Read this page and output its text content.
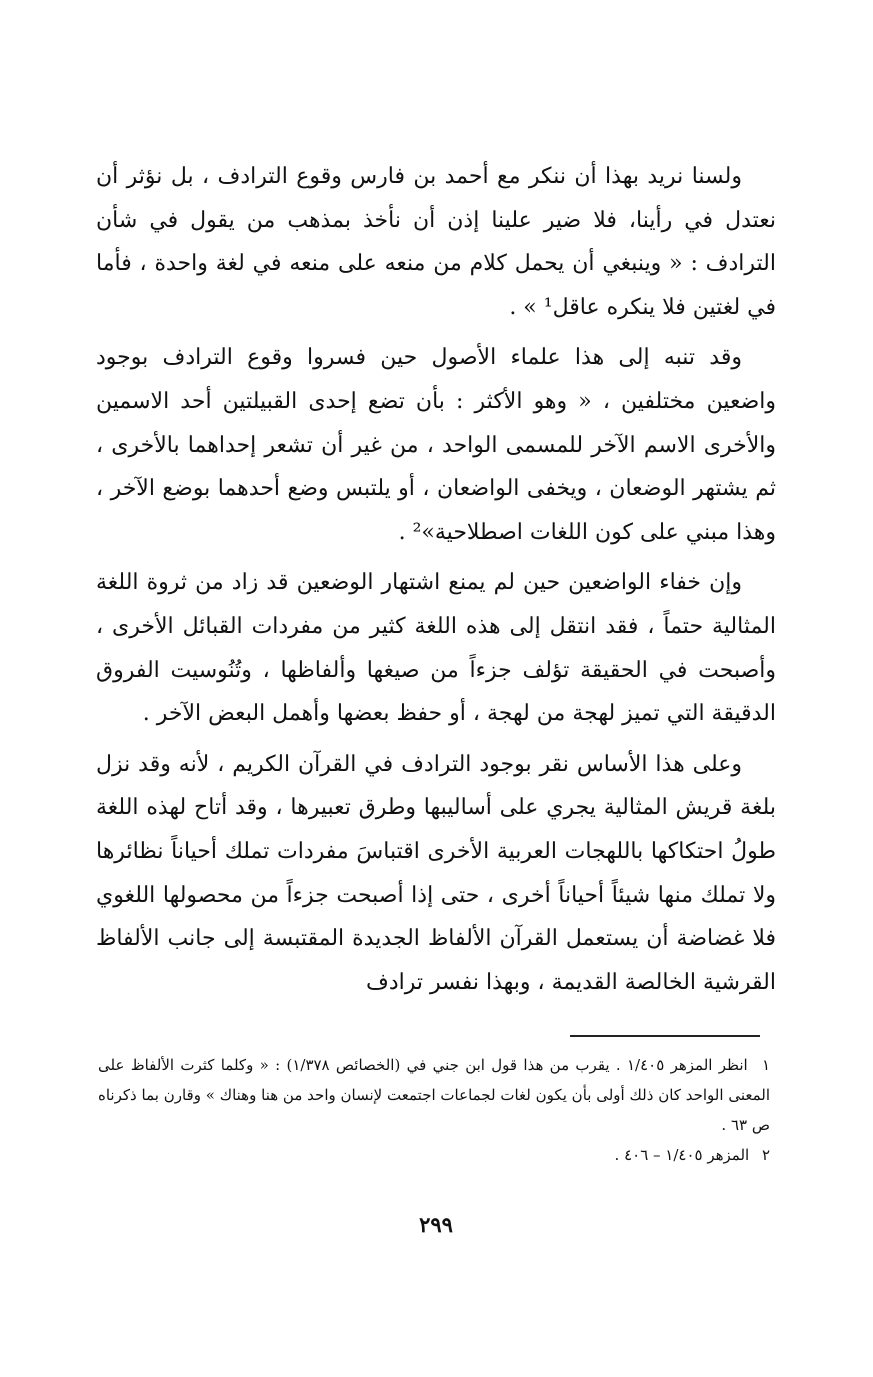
ولسنا نريد بهذا أن ننكر مع أحمد بن فارس وقوع الترادف ، بل نؤثر أن نعتدل في رأينا، فلا ضير علينا إذن أن نأخذ بمذهب من يقول في شأن الترادف : « وينبغي أن يحمل كلام من منعه على منعه في لغة واحدة ، فأما في لغتين فلا ينكره عاقل¹ » .

وقد تنبه إلى هذا علماء الأصول حين فسروا وقوع الترادف بوجود واضعين مختلفين ، « وهو الأكثر : بأن تضع إحدى القبيلتين أحد الاسمين والأخرى الاسم الآخر للمسمى الواحد ، من غير أن تشعر إحداهما بالأخرى ، ثم يشتهر الوضعان ، ويخفى الواضعان ، أو يلتبس وضع أحدهما بوضع الآخر ، وهذا مبني على كون اللغات اصطلاحية»² .

وإن خفاء الواضعين حين لم يمنع اشتهار الوضعين قد زاد من ثروة اللغة المثالية حتماً ، فقد انتقل إلى هذه اللغة كثير من مفردات القبائل الأخرى ، وأصبحت في الحقيقة تؤلف جزءاً من صيغها وألفاظها ، وتُنُوسيت الفروق الدقيقة التي تميز لهجة من لهجة ، أو حفظ بعضها وأهمل البعض الآخر .

وعلى هذا الأساس نقر بوجود الترادف في القرآن الكريم ، لأنه وقد نزل بلغة قريش المثالية يجري على أساليبها وطرق تعبيرها ، وقد أتاح لهذه اللغة طولُ احتكاكها باللهجات العربية الأخرى اقتباسَ مفردات تملك أحياناً نظائرها ولا تملك منها شيئاً أحياناً أخرى ، حتى إذا أصبحت جزءاً من محصولها اللغوي فلا غضاضة أن يستعمل القرآن الألفاظ الجديدة المقتبسة إلى جانب الألفاظ القرشية الخالصة القديمة ، وبهذا نفسر ترادف

١ انظر المزهر ١/٤٠٥ . يقرب من هذا قول ابن جني في (الخصائص ١/٣٧٨) : « وكلما كثرت الألفاظ على المعنى الواحد كان ذلك أولى بأن يكون لغات لجماعات اجتمعت لإنسان واحد من هنا وهناك » وقارن بما ذكرناه ص ٦٣ .

٢ المزهر ١/٤٠٥ – ٤٠٦ .

٢٩٩
